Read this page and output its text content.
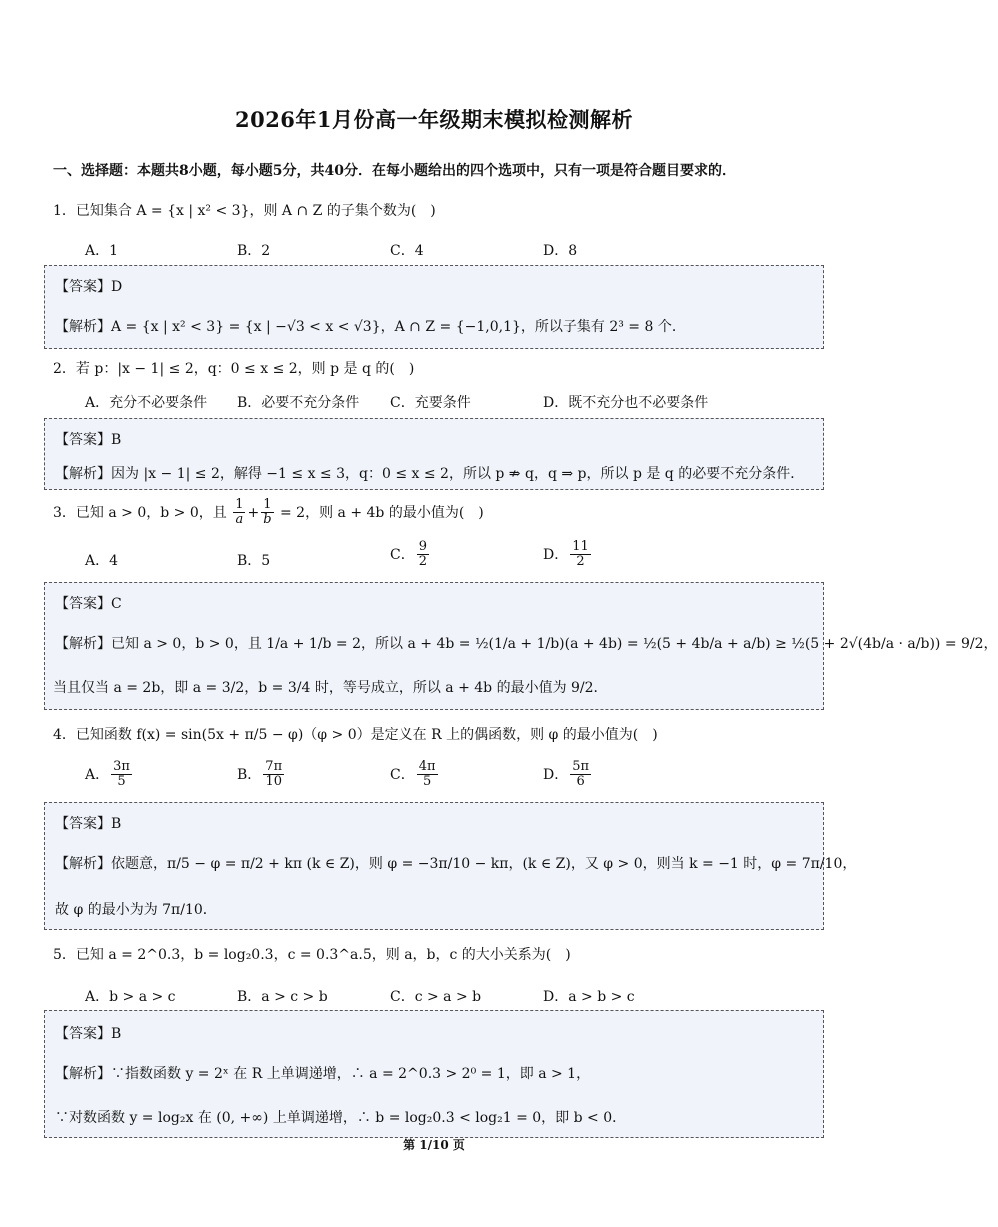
2026年1月份高一年级期末模拟检测解析
一、选择题：本题共8小题，每小题5分，共40分．在每小题给出的四个选项中，只有一项是符合题目要求的．
1．已知集合 A = {x | x² < 3}，则 A ∩ Z 的子集个数为(　)
A．1	B．2	C．4	D．8
【答案】D
【解析】A = {x | x² < 3} = {x | −√3 < x < √3}，A ∩ Z = {−1,0,1}，所以子集有 2³ = 8 个．
2．若 p：|x − 1| ≤ 2，q：0 ≤ x ≤ 2，则 p 是 q 的(　)
A．充分不必要条件 B．必要不充分条件 C．充要条件	D．既不充分也不必要条件
【答案】B
【解析】因为 |x − 1| ≤ 2，解得 −1 ≤ x ≤ 3，q：0 ≤ x ≤ 2，所以 p ⇏ q，q ⇒ p，所以 p 是 q 的必要不充分条件．
3．已知 a > 0，b > 0，且 $\frac{1}{a} + \frac{1}{b} = 2$，则 a + 4b 的最小值为(　)
A．4	B．5	C． $\frac{9}{2}$	D． $\frac{11}{2}$
【答案】C
【解析】已知 a > 0，b > 0，且 1/a + 1/b = 2，所以 a + 4b = ½(1/a + 1/b)(a + 4b) = ½(5 + 4b/a + a/b) ≥ ½(5 + 2√(4b/a · a/b)) = 9/2，
当且仅当 a = 2b，即 a = 3/2，b = 3/4 时，等号成立，所以 a + 4b 的最小值为 9/2．
4．已知函数 f(x) = sin(5x + π/5 − φ)（φ > 0）是定义在 R 上的偶函数，则 φ 的最小值为(　)
A． $\frac{3\pi}{5}$	B． $\frac{7\pi}{10}$	C． $\frac{4\pi}{5}$	D． $\frac{5\pi}{6}$
【答案】B
【解析】依题意，π/5 − φ = π/2 + kπ (k ∈ Z)，则 φ = −3π/10 − kπ，(k ∈ Z)，又 φ > 0，则当 k = −1 时，φ = 7π/10，
故 φ 的最小为为 7π/10．
5．已知 a = 2^0.3，b = log₂0.3，c = 0.3^a.5，则 a，b，c 的大小关系为(　)
A．b > a > c	B．a > c > b	C．c > a > b	D．a > b > c
【答案】B
【解析】∵指数函数 y = 2ˣ 在 R 上单调递增，∴ a = 2^0.3 > 2⁰ = 1，即 a > 1，
∵对数函数 y = log₂x 在 (0, +∞) 上单调递增，∴ b = log₂0.3 < log₂1 = 0，即 b < 0．
第 1/10 页
